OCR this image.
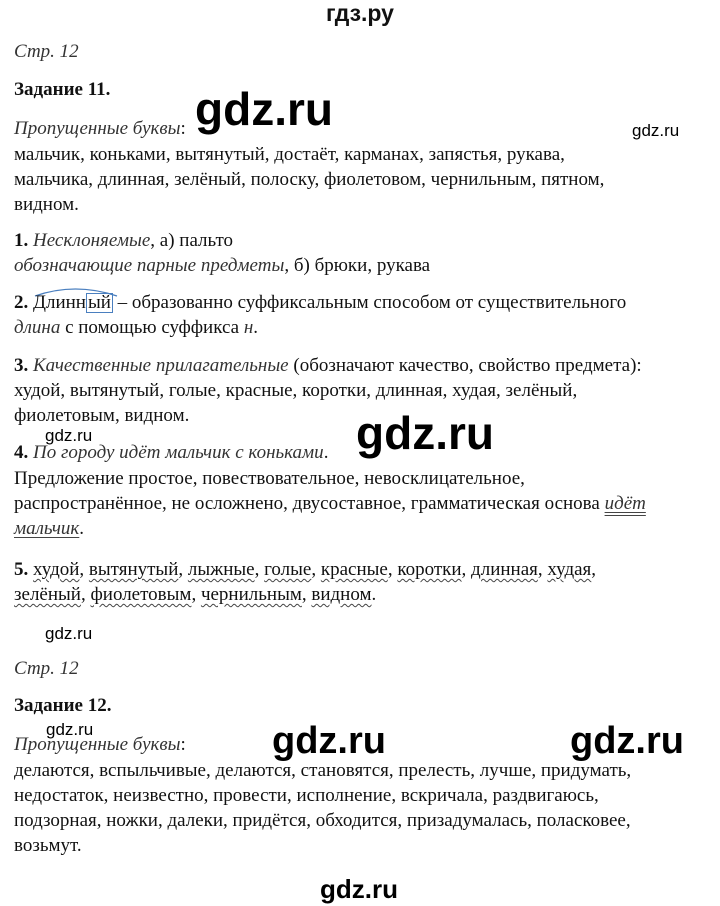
гдз.ру
Стр. 12
Задание 11.
Пропущенные буквы:
мальчик, коньками, вытянутый, достаёт, карманах, запястья, рукава,
мальчика, длинная, зелёный, полоску, фиолетовом, чернильным, пятном,
видном.
1. Несклоняемые, а) пальто
обозначающие парные предметы, б) брюки, рукава
2. Длинн ый – образованно суффиксальным способом от существительного
длина с помощью суффикса н.
3. Качественные прилагательные (обозначают качество, свойство предмета):
худой, вытянутый, голые, красные, коротки, длинная, худая, зелёный,
фиолетовым, видном.
4. По городу идёт мальчик с коньками.
Предложение простое, повествовательное, невосклицательное,
распространённое, не осложнено, двусоставное, грамматическая основа идёт
мальчик.
5. худой, вытянутый, лыжные, голые, красные, коротки, длинная, худая,
зелёный, фиолетовым, чернильным, видном.
Стр. 12
Задание 12.
Пропущенные буквы:
делаются, вспыльчивые, делаются, становятся, прелесть, лучше, придумать,
недостаток, неизвестно, провести, исполнение, вскричала, раздвигаюсь,
подзорная, ножки, далеки, придётся, обходится, призадумалась, поласковее,
возьмут.
gdz.ru	gdz.ru
gdz.ru
gdz.ru
gdz.ru
gdz.ru	gdz.ru	gdz.ru
gdz.ru
